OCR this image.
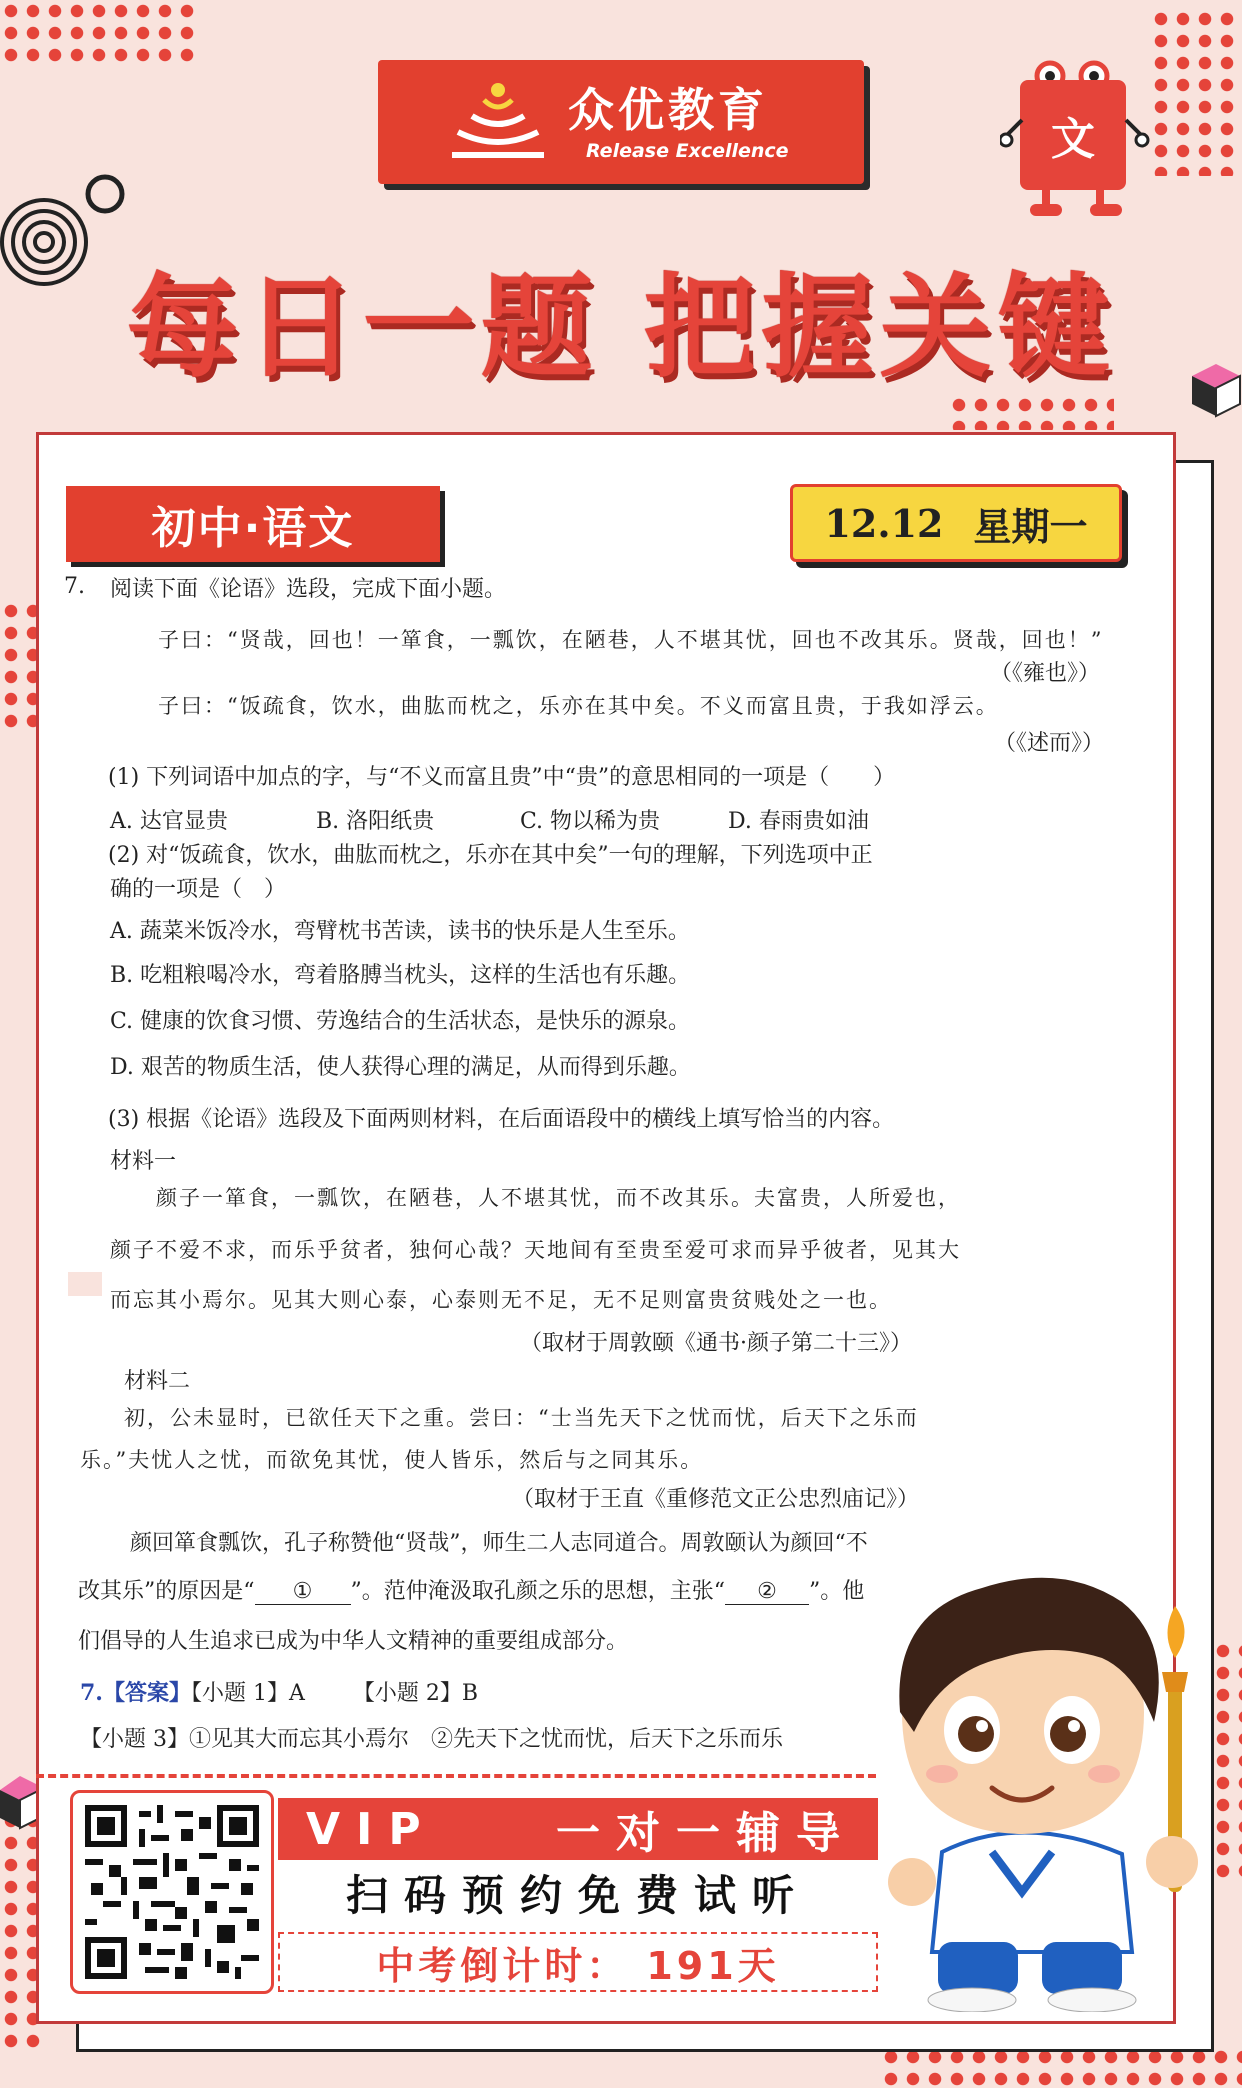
众优教育
Release Excellence	文
每日一题 把握关键
初中·语文	12.12 星期一
7. 阅读下面《论语》选段，完成下面小题。
子曰：“贤哉，回也！一箪食，一瓢饮，在陋巷，人不堪其忧，回也不改其乐。贤哉，回也！”
（《雍也》）
子曰：“饭疏食，饮水，曲肱而枕之，乐亦在其中矣。不义而富且贵，于我如浮云。
（《述而》）
(1) 下列词语中加点的字，与“不义而富且贵”中“贵”的意思相同的一项是（　　）
A. 达官显贵	B. 洛阳纸贵	C. 物以稀为贵	D. 春雨贵如油
(2) 对“饭疏食，饮水，曲肱而枕之，乐亦在其中矣”一句的理解，下列选项中正
确的一项是（　）
A. 蔬菜米饭冷水，弯臂枕书苦读，读书的快乐是人生至乐。
B. 吃粗粮喝冷水，弯着胳膊当枕头，这样的生活也有乐趣。
C. 健康的饮食习惯、劳逸结合的生活状态，是快乐的源泉。
D. 艰苦的物质生活，使人获得心理的满足，从而得到乐趣。
(3) 根据《论语》选段及下面两则材料，在后面语段中的横线上填写恰当的内容。
材料一
颜子一箪食，一瓢饮，在陋巷，人不堪其忧，而不改其乐。夫富贵，人所爱也，
颜子不爱不求，而乐乎贫者，独何心哉？天地间有至贵至爱可求而异乎彼者，见其大
而忘其小焉尔。见其大则心泰，心泰则无不足，无不足则富贵贫贱处之一也。
（取材于周敦颐《通书·颜子第二十三》）
材料二
初，公未显时，已欲任天下之重。尝曰：“士当先天下之忧而忧，后天下之乐而
乐。”夫忧人之忧，而欲免其忧，使人皆乐，然后与之同其乐。
（取材于王直《重修范文正公忠烈庙记》）
颜回箪食瓢饮，孔子称赞他“贤哉”，师生二人志同道合。周敦颐认为颜回“不
改其乐”的原因是“ ① ”。范仲淹汲取孔颜之乐的思想，主张“ ② ”。他
们倡导的人生追求已成为中华人文精神的重要组成部分。
7.【答案】【小题 1】A 【小题 2】B
【小题 3】①见其大而忘其小焉尔　②先天下之忧而忧，后天下之乐而乐
VIP	一对一辅导
扫码预约免费试听
中考倒计时： 191天
